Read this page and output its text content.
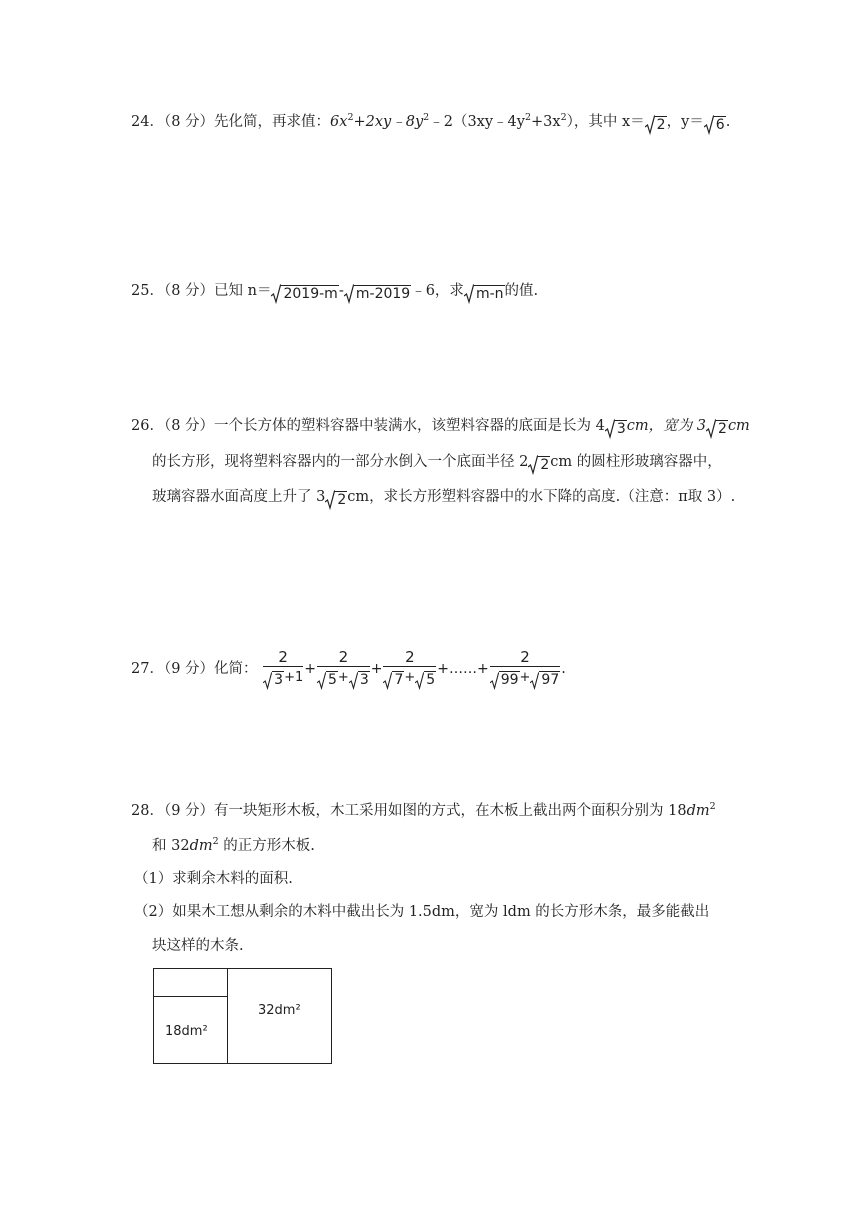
24．（8 分）先化简，再求值：$6x^2+2xy﹣8y^2﹣2(3xy﹣4y^2+3x^2)$，其中 x＝ 2，y＝ 6.
25．（8 分）已知 n＝ 2019-m- m-2019﹣6，求 m-n的值.
26．（8 分）一个长方体的塑料容器中装满水，该塑料容器的底面是长为 4 3cm，宽为 3 2cm
的长方形，现将塑料容器内的一部分水倒入一个底面半径 2 2cm 的圆柱形玻璃容器中，
玻璃容器水面高度上升了 3 2cm，求长方形塑料容器中的水下降的高度.（注意：π取 3）.
27．（9 分）化简： $\frac{2}{3+1} + \frac{2}{5+ 3} + \frac{2}{7+ 5}$ +……+ $\frac{2}{99+ 97}$ .
28．（9 分）有一块矩形木板，木工采用如图的方式，在木板上截出两个面积分别为 $18dm^2$
和 $32dm^2$ 的正方形木板.
（1）求剩余木料的面积.
（2）如果木工想从剩余的木料中截出长为 1.5dm，宽为 ldm 的长方形木条，最多能截出
块这样的木条.
18dm²
32dm²
